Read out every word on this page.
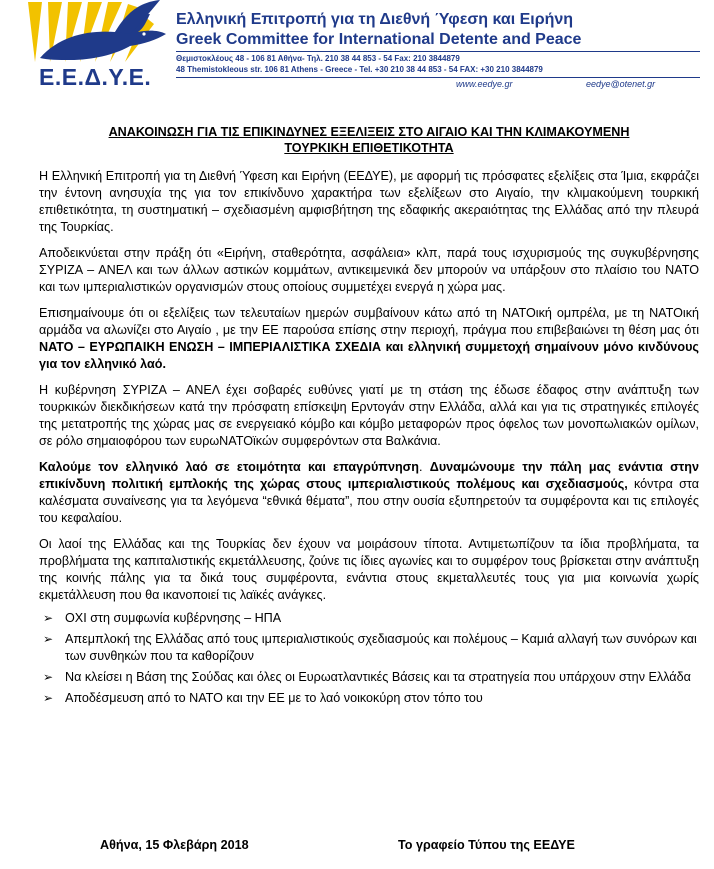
Ε.Ε.Δ.Υ.Ε.
Ελληνική Επιτροπή για τη Διεθνή Ύφεση και Ειρήνη
Greek Committee for International Detente and Peace
Θεμιστοκλέους 48 - 106 81 Αθήνα- Τηλ. 210 38 44 853 - 54 Fax: 210 3844879
48 Themistokleous str. 106 81 Athens - Greece - Tel. +30 210 38 44 853 - 54 FAX: +30 210 3844879
www.eedye.gr	eedye@otenet.gr
ΑΝΑΚΟΙΝΩΣΗ ΓΙΑ ΤΙΣ ΕΠΙΚΙΝΔΥΝΕΣ ΕΞΕΛΙΞΕΙΣ ΣΤΟ ΑΙΓΑΙΟ ΚΑΙ ΤΗΝ ΚΛΙΜΑΚΟΥΜΕΝΗ
ΤΟΥΡΚΙΚΗ ΕΠΙΘΕΤΙΚΟΤΗΤΑ

Η Ελληνική Επιτροπή για τη Διεθνή Ύφεση και Ειρήνη (ΕΕΔΥΕ), με αφορμή τις πρόσφατες εξελίξεις στα Ίμια, εκφράζει την έντονη ανησυχία της για τον επικίνδυνο χαρακτήρα των εξελίξεων στο Αιγαίο, την κλιμακούμενη τουρκική επιθετικότητα, τη συστηματική – σχεδιασμένη αμφισβήτηση της εδαφικής ακεραιότητας της Ελλάδας από την πλευρά της Τουρκίας.

Αποδεικνύεται στην πράξη ότι «Ειρήνη, σταθερότητα, ασφάλεια» κλπ, παρά τους ισχυρισμούς της συγκυβέρνησης ΣΥΡΙΖΑ – ΑΝΕΛ και των άλλων αστικών κομμάτων, αντικειμενικά δεν μπορούν να υπάρξουν στο πλαίσιο του ΝΑΤΟ και των ιμπεριαλιστικών οργανισμών στους οποίους συμμετέχει ενεργά η χώρα μας.

Επισημαίνουμε ότι οι εξελίξεις των τελευταίων ημερών συμβαίνουν κάτω από τη ΝΑΤΟική ομπρέλα, με τη ΝΑΤΟική αρμάδα να αλωνίζει στο Αιγαίο , με την ΕΕ παρούσα επίσης στην περιοχή, πράγμα που επιβεβαιώνει τη θέση μας ότι ΝΑΤΟ – ΕΥΡΩΠΑΙΚΗ ΕΝΩΣΗ – ΙΜΠΕΡΙΑΛΙΣΤΙΚΑ ΣΧΕΔΙΑ και ελληνική συμμετοχή σημαίνουν μόνο κινδύνους για τον ελληνικό λαό.

Η κυβέρνηση ΣΥΡΙΖΑ – ΑΝΕΛ έχει σοβαρές ευθύνες γιατί με τη στάση της έδωσε έδαφος στην ανάπτυξη των τουρκικών διεκδικήσεων κατά την πρόσφατη επίσκεψη Ερντογάν στην Ελλάδα, αλλά και για τις στρατηγικές επιλογές της μετατροπής της χώρας μας σε ενεργειακό κόμβο και κόμβο μεταφορών προς όφελος των μονοπωλιακών ομίλων, σε ρόλο σημαιοφόρου των ευρωΝΑΤΟϊκών συμφερόντων στα Βαλκάνια.

Καλούμε τον ελληνικό λαό σε ετοιμότητα και επαγρύπνηση. Δυναμώνουμε την πάλη μας ενάντια στην επικίνδυνη πολιτική εμπλοκής της χώρας στους ιμπεριαλιστικούς πολέμους και σχεδιασμούς, κόντρα στα καλέσματα συναίνεσης για τα λεγόμενα “εθνικά θέματα”, που στην ουσία εξυπηρετούν τα συμφέροντα και τις επιλογές του κεφαλαίου.

Οι λαοί της Ελλάδας και της Τουρκίας δεν έχουν να μοιράσουν τίποτα. Αντιμετωπίζουν τα ίδια προβλήματα, τα προβλήματα της καπιταλιστικής εκμετάλλευσης, ζούνε τις ίδιες αγωνίες και το συμφέρον τους βρίσκεται στην ανάπτυξη της κοινής πάλης για τα δικά τους συμφέροντα, ενάντια στους εκμεταλλευτές τους για μια κοινωνία χωρίς εκμετάλλευση που θα ικανοποιεί τις λαϊκές ανάγκες.

➢ ΟΧΙ στη συμφωνία κυβέρνησης – ΗΠΑ
➢ Απεμπλοκή της Ελλάδας από τους ιμπεριαλιστικούς σχεδιασμούς και πολέμους – Καμιά αλλαγή των συνόρων και των συνθηκών που τα καθορίζουν
➢ Να κλείσει η Βάση της Σούδας και όλες οι Ευρωατλαντικές Βάσεις και τα στρατηγεία που υπάρχουν στην Ελλάδα
➢ Αποδέσμευση από το ΝΑΤΟ και την ΕΕ με το λαό νοικοκύρη στον τόπο του
Αθήνα, 15 Φλεβάρη 2018	Το γραφείο Τύπου της ΕΕΔΥΕ
